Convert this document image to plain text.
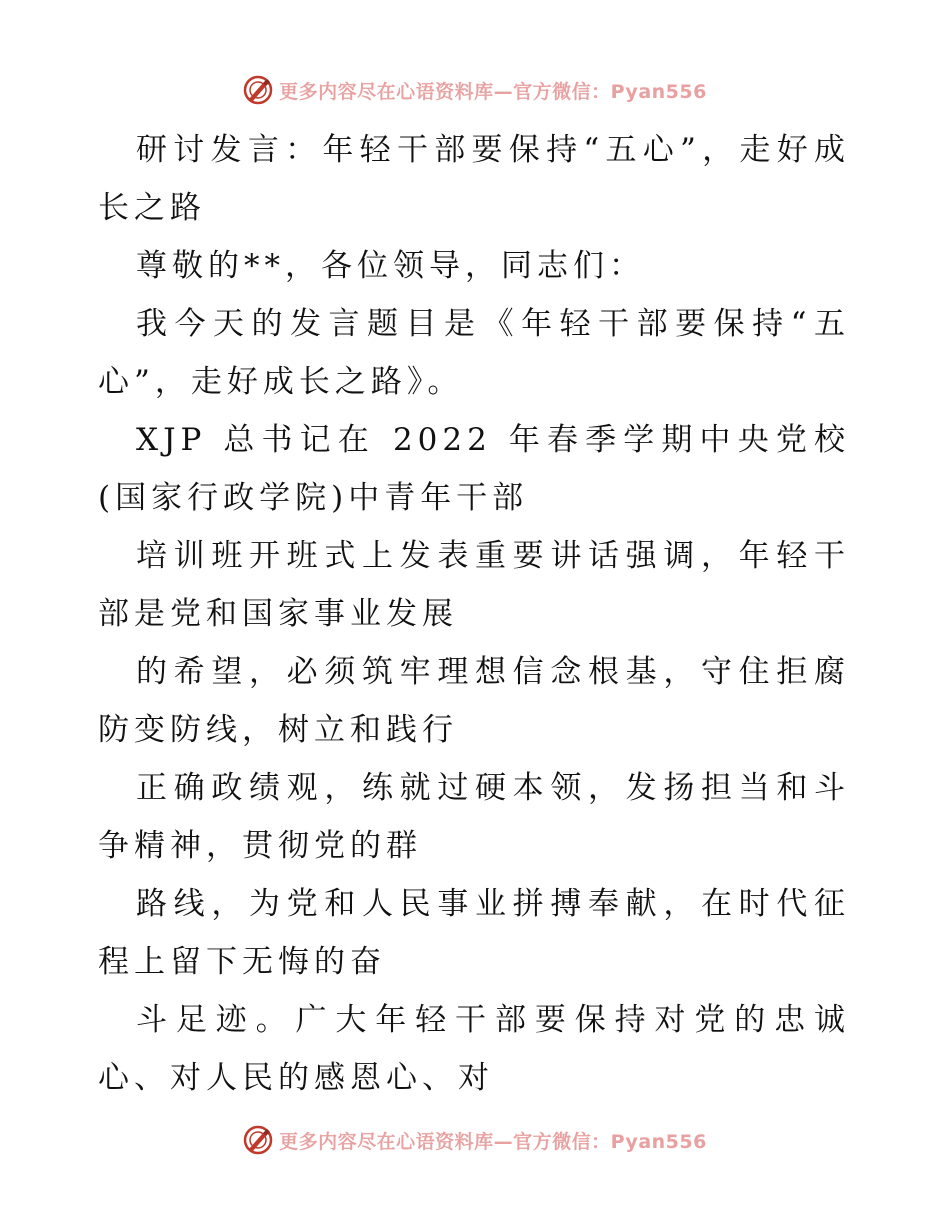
更多内容尽在心语资料库—官方微信：Pyan556

研讨发言：年轻干部要保持“五心”，走好成长之路

尊敬的**，各位领导，同志们：

我今天的发言题目是《年轻干部要保持“五心”，走好成长之路》。

XJP 总书记在 2022 年春季学期中央党校(国家行政学院)中青年干部

培训班开班式上发表重要讲话强调，年轻干部是党和国家事业发展

的希望，必须筑牢理想信念根基，守住拒腐防变防线，树立和践行

正确政绩观，练就过硬本领，发扬担当和斗争精神，贯彻党的群

路线，为党和人民事业拼搏奉献，在时代征程上留下无悔的奋

斗足迹。广大年轻干部要保持对党的忠诚心、对人民的感恩心、对

更多内容尽在心语资料库—官方微信：Pyan556
